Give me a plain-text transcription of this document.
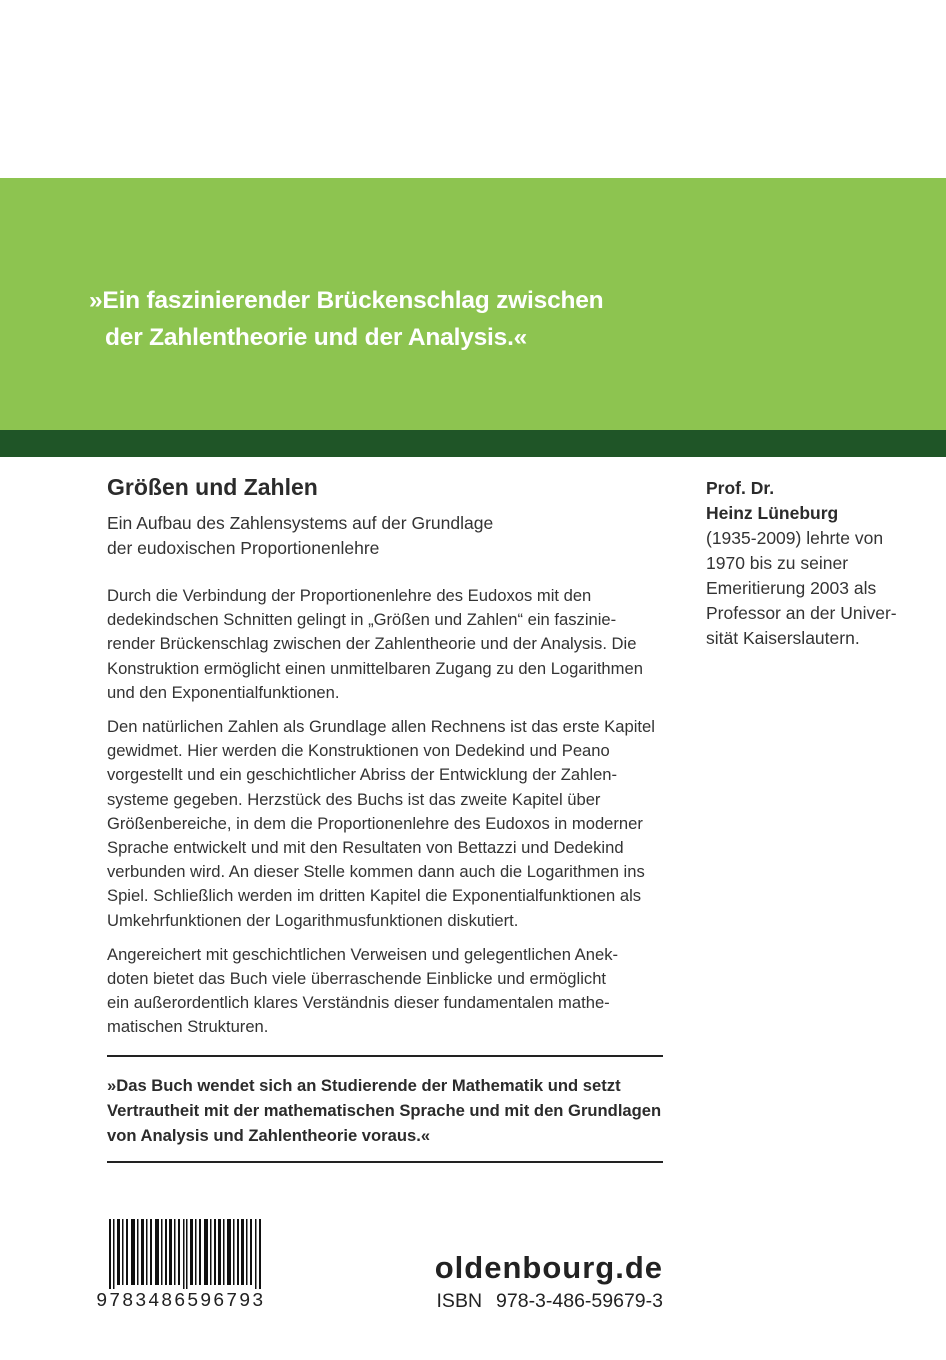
»Ein faszinierender Brückenschlag zwischen
der Zahlentheorie und der Analysis.«
Größen und Zahlen
Ein Aufbau des Zahlensystems auf der Grundlage
der eudoxischen Proportionenlehre

Durch die Verbindung der Proportionenlehre des Eudoxos mit den
dedekindschen Schnitten gelingt in „Größen und Zahlen“ ein faszinie-
render Brückenschlag zwischen der Zahlentheorie und der Analysis. Die
Konstruktion ermöglicht einen unmittelbaren Zugang zu den Logarithmen
und den Exponentialfunktionen.

Den natürlichen Zahlen als Grundlage allen Rechnens ist das erste Kapitel
gewidmet. Hier werden die Konstruktionen von Dedekind und Peano
vorgestellt und ein geschichtlicher Abriss der Entwicklung der Zahlen-
systeme gegeben. Herzstück des Buchs ist das zweite Kapitel über
Größenbereiche, in dem die Proportionenlehre des Eudoxos in moderner
Sprache entwickelt und mit den Resultaten von Bettazzi und Dedekind
verbunden wird. An dieser Stelle kommen dann auch die Logarithmen ins
Spiel. Schließlich werden im dritten Kapitel die Exponentialfunktionen als
Umkehrfunktionen der Logarithmusfunktionen diskutiert.

Angereichert mit geschichtlichen Verweisen und gelegentlichen Anek-
doten bietet das Buch viele überraschende Einblicke und ermöglicht
ein außerordentlich klares Verständnis dieser fundamentalen mathe-
matischen Strukturen.

»Das Buch wendet sich an Studierende der Mathematik und setzt
Vertrautheit mit der mathematischen Sprache und mit den Grundlagen
von Analysis und Zahlentheorie voraus.«
Prof. Dr.
Heinz Lüneburg
(1935-2009) lehrte von
1970 bis zu seiner
Emeritierung 2003 als
Professor an der Univer-
sität Kaiserslautern.
9783486596793
oldenbourg.de
ISBN 978-3-486-59679-3
